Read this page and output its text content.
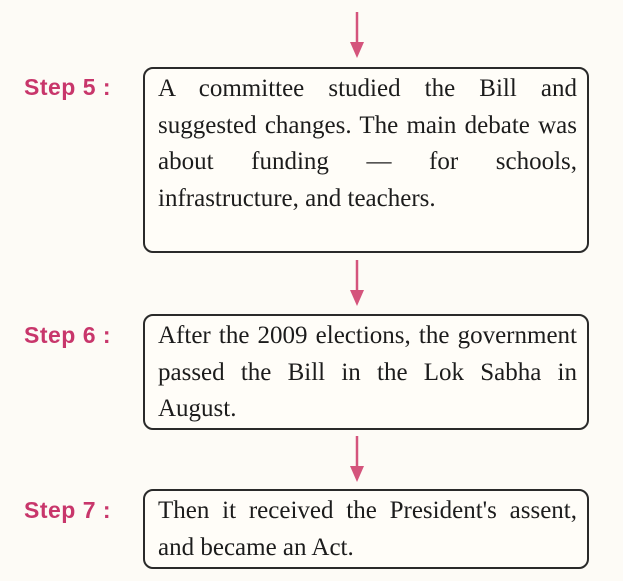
Step 5 :	A committee studied the Bill and suggested changes. The main debate was about funding — for schools, infrastructure, and teachers.
Step 6 :	After the 2009 elections, the government passed the Bill in the Lok Sabha in August.
Step 7 :	Then it received the President's assent, and became an Act.
